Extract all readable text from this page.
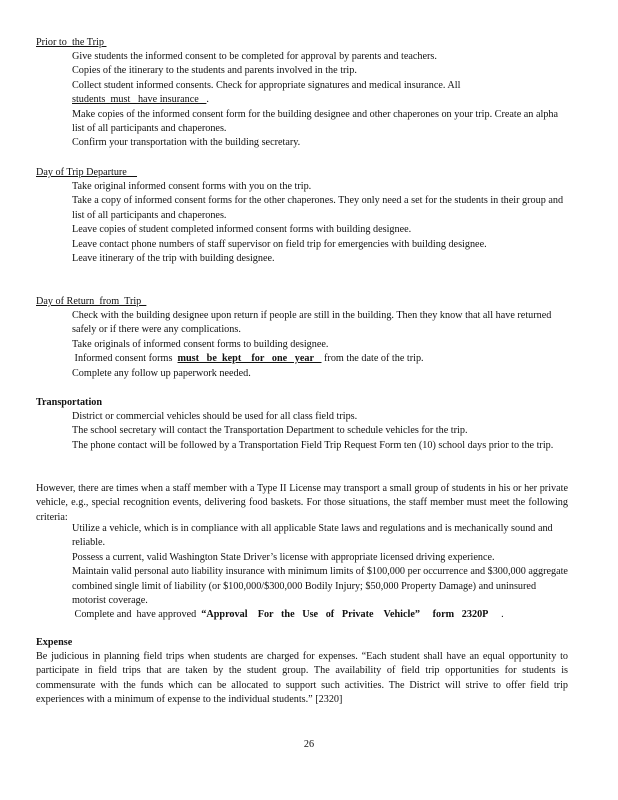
Prior to  the Trip
Give students the informed consent to be completed for approval by parents and teachers.
Copies of the itinerary to the students and parents involved in the trip.
Collect student informed consents. Check for appropriate signatures and medical insurance. All
students  must   have insurance   .
Make copies of the informed consent form for the building designee and other chaperones on your trip. Create an alpha list of all participants and chaperones.
Confirm your transportation with the building secretary.
Day of Trip Departure
Take original informed consent forms with you on the trip.
Take a copy of informed consent forms for the other chaperones. They only need a set for the students in their group and list of all participants and chaperones.
Leave copies of student completed informed consent forms with building designee.
Leave contact phone numbers of staff supervisor on field trip for emergencies with building designee.
Leave itinerary of the trip with building designee.
Day of Return  from  Trip
Check with the building designee upon return if people are still in the building. Then they know that all have returned safely or if there were any complications.
Take originals of informed consent forms to building designee.
Informed consent forms  must   be  kept    for   one   year    from the date of the trip.
Complete any follow up paperwork needed.
Transportation
District or commercial vehicles should be used for all class field trips.
The school secretary will contact the Transportation Department to schedule vehicles for the trip.
The phone contact will be followed by a Transportation Field Trip Request Form ten (10) school days prior to the trip.
However, there are times when a staff member with a Type II License may transport a small group of students in his or her private vehicle, e.g., special recognition events, delivering food baskets. For those situations, the staff member must meet the following criteria:
Utilize a vehicle, which is in compliance with all applicable State laws and regulations and is mechanically sound and reliable.
Possess a current, valid Washington State Driver’s license with appropriate licensed driving experience.
Maintain valid personal auto liability insurance with minimum limits of $100,000 per occurrence and $300,000 aggregate combined single limit of liability (or $100,000/$300,000 Bodily Injury; $50,000 Property Damage) and uninsured motorist coverage.
Complete and  have approved  “Approval    For   the   Use   of   Private    Vehicle”     form   2320P     .
Expense
Be judicious in planning field trips when students are charged for expenses. “Each student shall have an equal opportunity to participate in field trips that are taken by the student group. The availability of field trip opportunities for students is commensurate with the funds which can be allocated to support such activities. The District will strive to offer field trip experiences with a minimum of expense to the individual students.” [2320]
26
